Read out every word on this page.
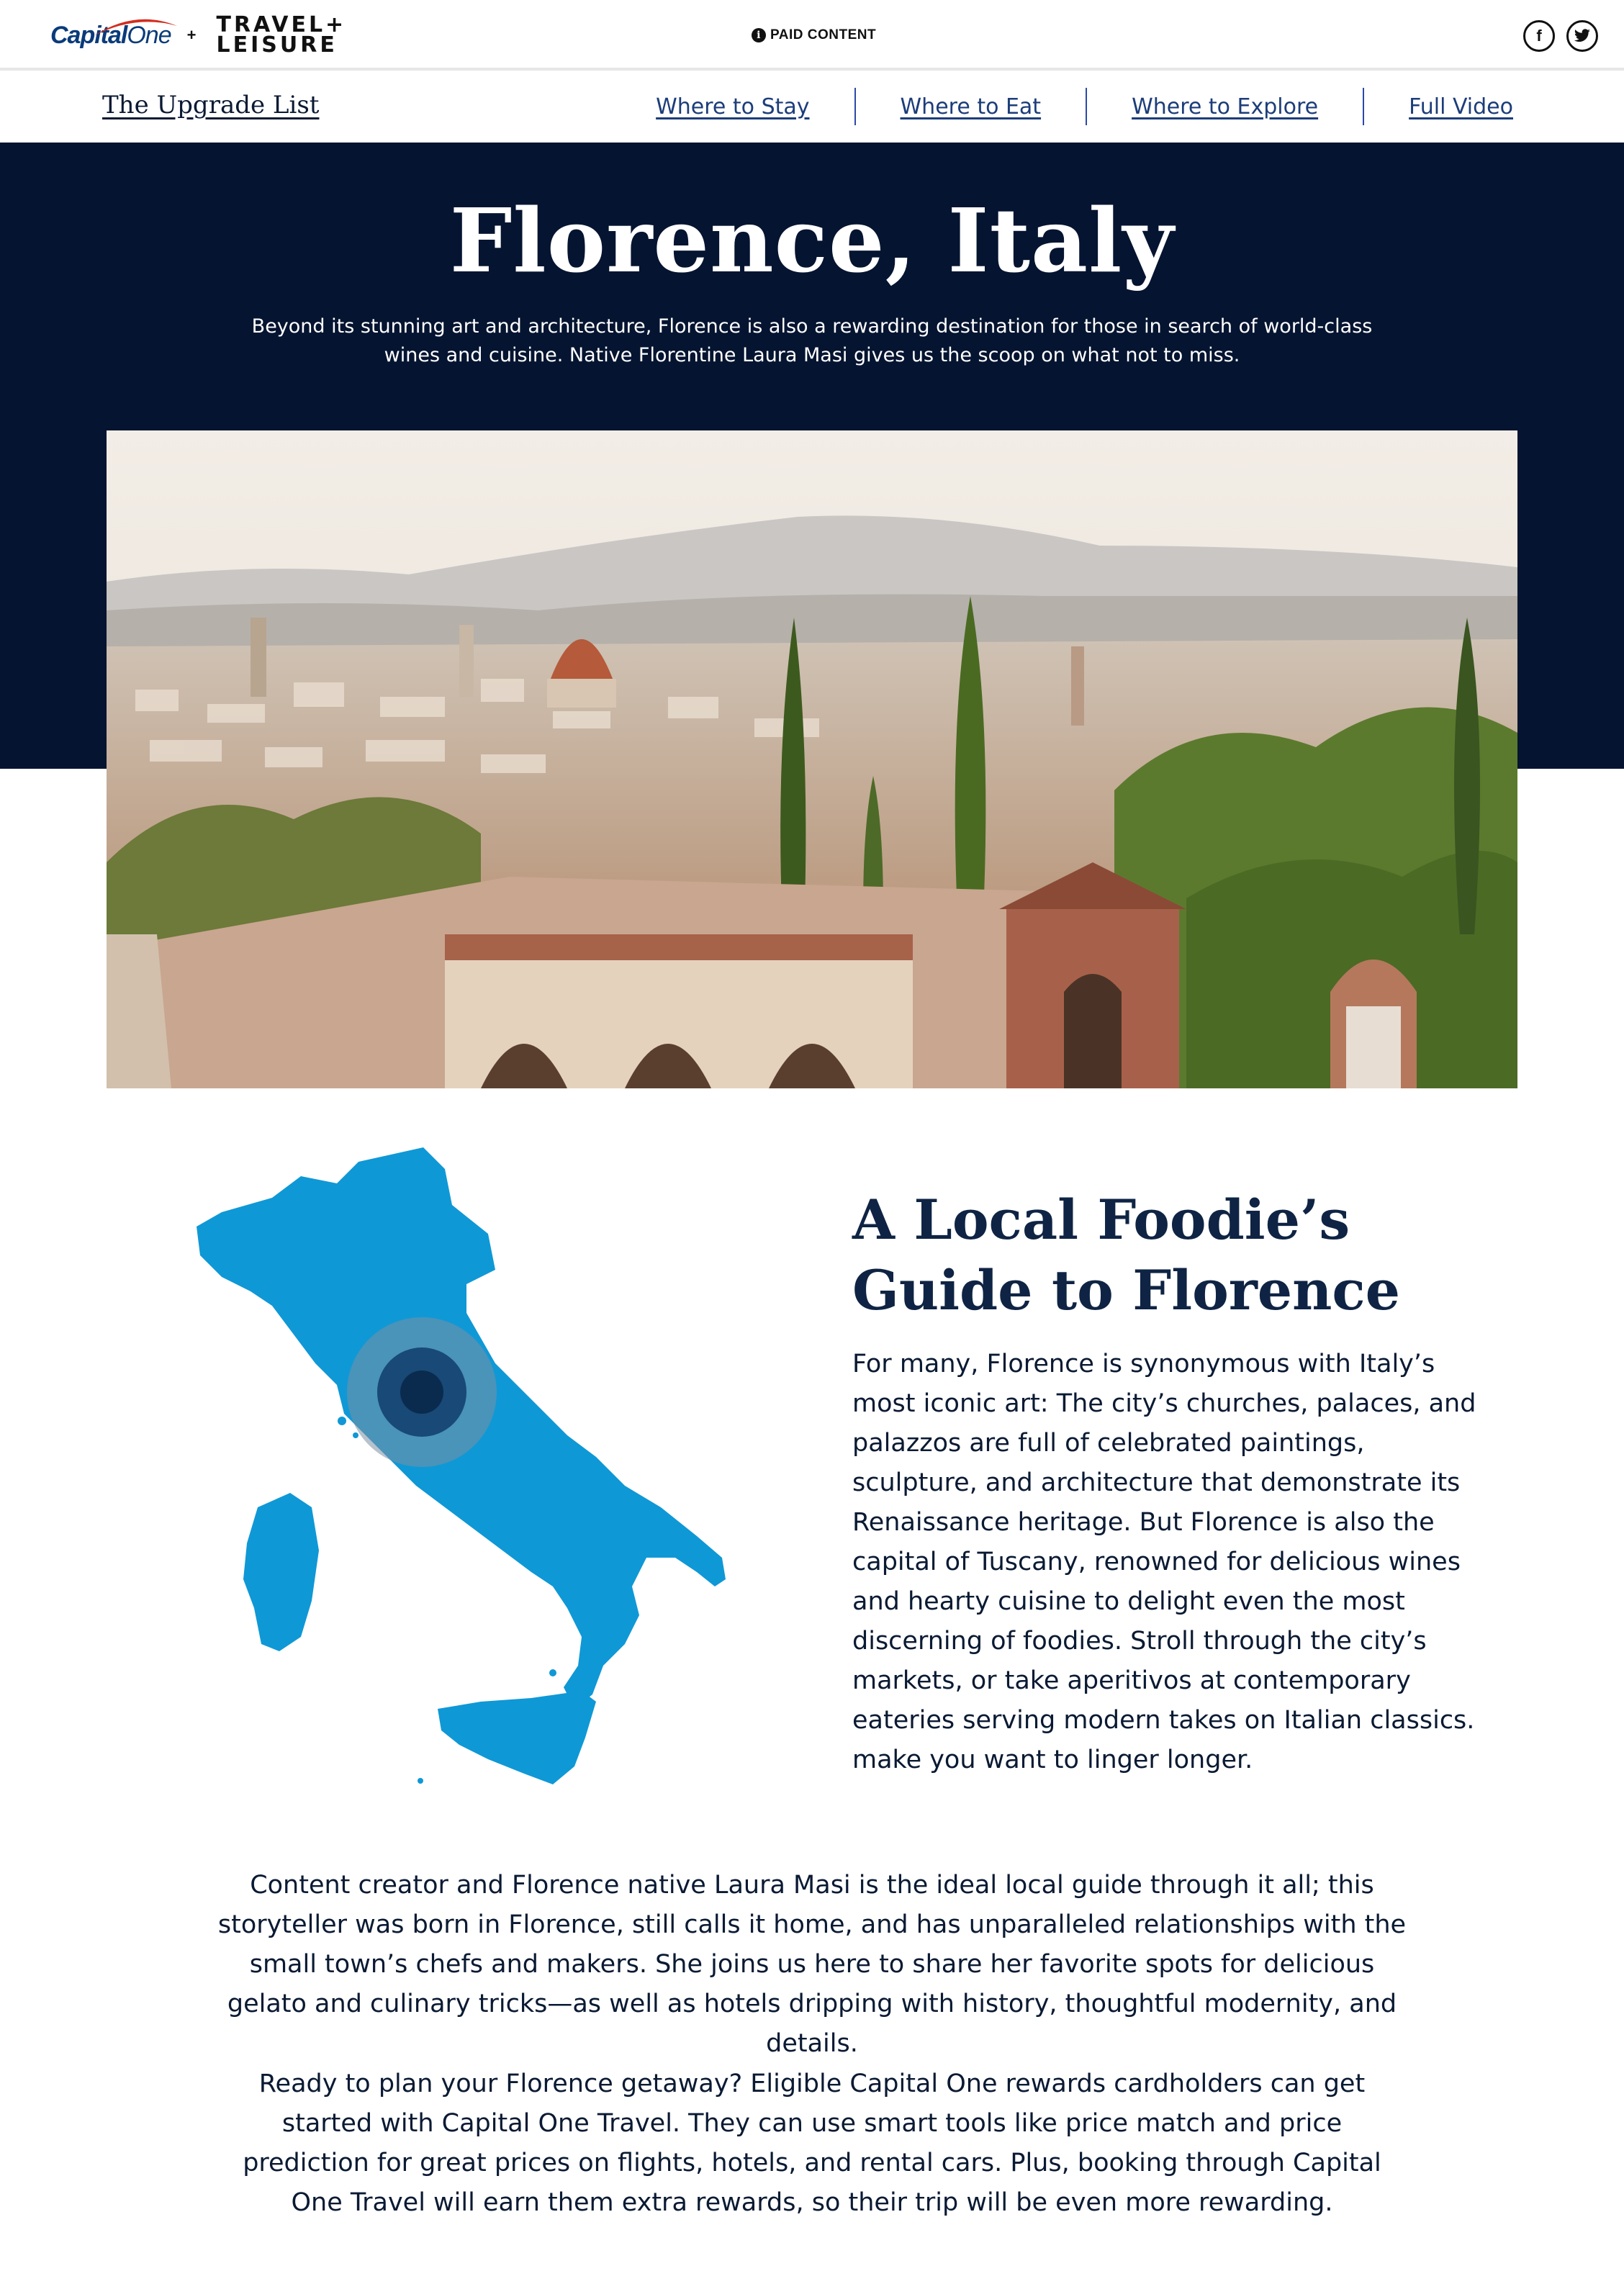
CapitalOne + TRAVEL+
LEISURE	i PAID CONTENT	f
The Upgrade List	Where to Stay	Where to Eat	Where to Explore	Full Video
Florence, Italy

Beyond its stunning art and architecture, Florence is also a rewarding destination for those in search of world-class wines and cuisine. Native Florentine Laura Masi gives us the scoop on what not to miss.

A Local Foodie’s
Guide to Florence

For many, Florence is synonymous with Italy’s most iconic art: The city’s churches, palaces, and palazzos are full of celebrated paintings, sculpture, and architecture that demonstrate its Renaissance heritage. But Florence is also the capital of Tuscany, renowned for delicious wines and hearty cuisine to delight even the most discerning of foodies. Stroll through the city’s markets, or take aperitivos at contemporary eateries serving modern takes on Italian classics. make you want to linger longer.

Content creator and Florence native Laura Masi is the ideal local guide through it all; this storyteller was born in Florence, still calls it home, and has unparalleled relationships with the small town’s chefs and makers. She joins us here to share her favorite spots for delicious gelato and culinary tricks—as well as hotels dripping with history, thoughtful modernity, and details.

Ready to plan your Florence getaway? Eligible Capital One rewards cardholders can get started with Capital One Travel. They can use smart tools like price match and price prediction for great prices on flights, hotels, and rental cars. Plus, booking through Capital One Travel will earn them extra rewards, so their trip will be even more rewarding.
